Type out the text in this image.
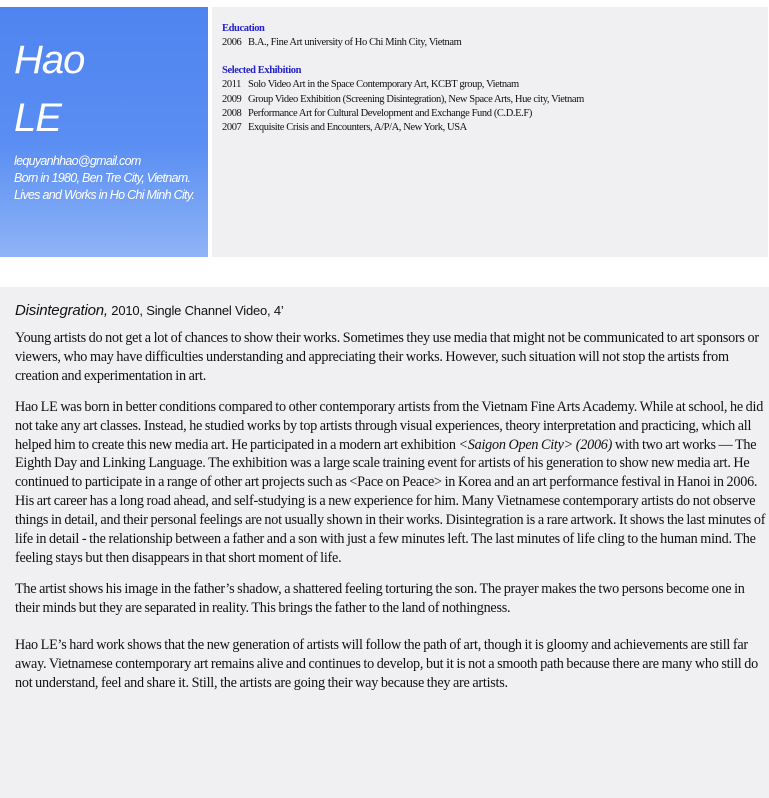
Hao
LE
lequyanhhao@gmail.com
Born in 1980, Ben Tre City, Vietnam.
Lives and Works in Ho Chi Minh City.
Education
2006 B.A., Fine Art university of Ho Chi Minh City, Vietnam
Selected Exhibition
2011 Solo Video Art in the Space Contemporary Art, KCBT group, Vietnam
2009 Group Video Exhibition (Screening Disintegration), New Space Arts, Hue city, Vietnam
2008 Performance Art for Cultural Development and Exchange Fund (C.D.E.F)
2007 Exquisite Crisis and Encounters, A/P/A, New York, USA
Disintegration, 2010, Single Channel Video, 4’

Young artists do not get a lot of chances to show their works. Sometimes they use media that might not be communicated to art sponsors or viewers, who may have difficulties understanding and appreciating their works. However, such situation will not stop the artists from creation and experimentation in art.

Hao LE was born in better conditions compared to other contemporary artists from the Vietnam Fine Arts Academy. While at school, he did not take any art classes. Instead, he studied works by top artists through visual experiences, theory interpretation and practicing, which all helped him to create this new media art. He participated in a modern art exhibition <Saigon Open City> (2006) with two art works — The Eighth Day and Linking Language. The exhibition was a large scale training event for artists of his generation to show new media art. He continued to participate in a range of other art projects such as <Pace on Peace> in Korea and an art performance festival in Hanoi in 2006. His art career has a long road ahead, and self-studying is a new experience for him. Many Vietnamese contemporary artists do not observe things in detail, and their personal feelings are not usually shown in their works. Disintegration is a rare artwork. It shows the last minutes of life in detail - the relationship between a father and a son with just a few minutes left. The last minutes of life cling to the human mind. The feeling stays but then disappears in that short moment of life.

The artist shows his image in the father’s shadow, a shattered feeling torturing the son. The prayer makes the two persons become one in their minds but they are separated in reality. This brings the father to the land of nothingness.

Hao LE’s hard work shows that the new generation of artists will follow the path of art, though it is gloomy and achievements are still far away. Vietnamese contemporary art remains alive and continues to develop, but it is not a smooth path because there are many who still do not understand, feel and share it. Still, the artists are going their way because they are artists.
